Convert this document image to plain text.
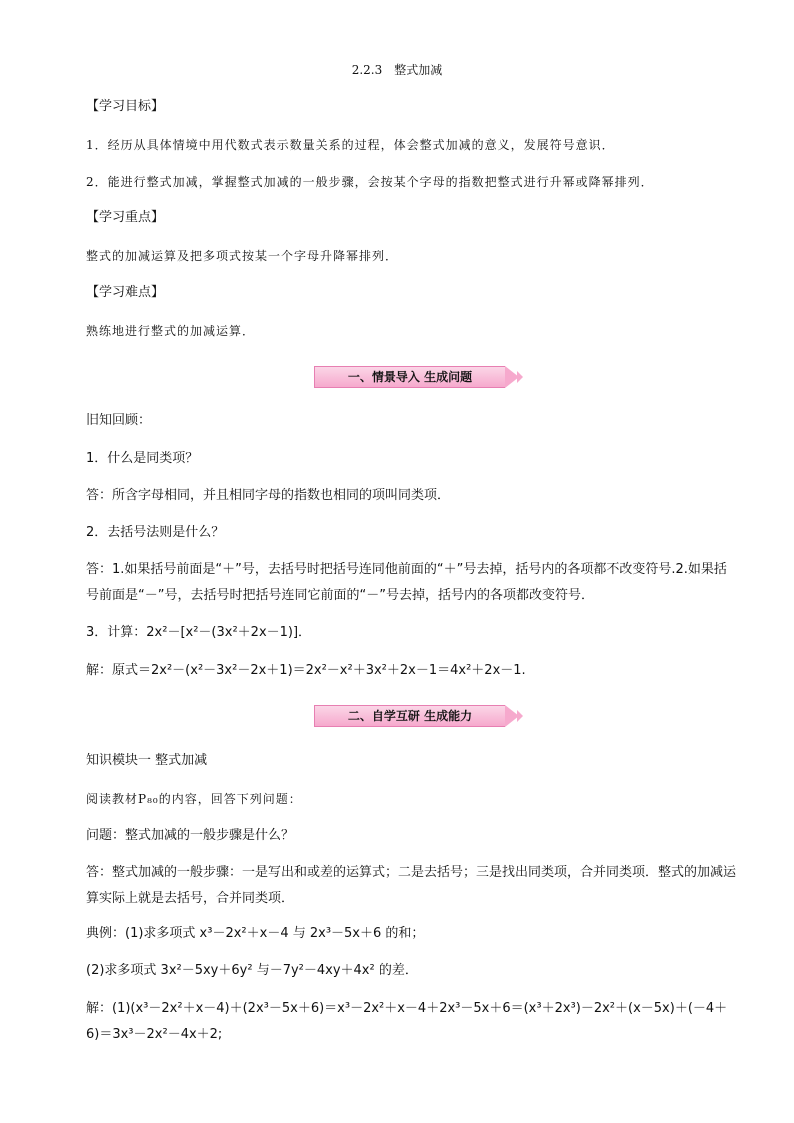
2.2.3 整式加减
【学习目标】
1．经历从具体情境中用代数式表示数量关系的过程，体会整式加减的意义，发展符号意识．
2．能进行整式加减，掌握整式加减的一般步骤，会按某个字母的指数把整式进行升幂或降幂排列．
【学习重点】
整式的加减运算及把多项式按某一个字母升降幂排列．
【学习难点】
熟练地进行整式的加减运算．
一、情景导入 生成问题
旧知回顾：
1．什么是同类项？
答：所含字母相同，并且相同字母的指数也相同的项叫同类项．
2．去括号法则是什么？
答：1.如果括号前面是“＋”号，去括号时把括号连同他前面的“＋”号去掉，括号内的各项都不改变符号.2.如果括号前面是“－”号，去括号时把括号连同它前面的“－”号去掉，括号内的各项都改变符号．
3．计算：2x²－[x²－(3x²＋2x－1)]．
解：原式＝2x²－(x²－3x²－2x＋1)＝2x²－x²＋3x²＋2x－1＝4x²＋2x－1.
二、自学互研 生成能力
知识模块一 整式加减
阅读教材P₈₀的内容，回答下列问题：
问题：整式加减的一般步骤是什么？
答：整式加减的一般步骤：一是写出和或差的运算式；二是去括号；三是找出同类项，合并同类项．整式的加减运算实际上就是去括号，合并同类项．
典例：(1)求多项式 x³－2x²＋x－4 与 2x³－5x＋6 的和；
(2)求多项式 3x²－5xy＋6y² 与－7y²－4xy＋4x² 的差．
解：(1)(x³－2x²＋x－4)＋(2x³－5x＋6)＝x³－2x²＋x－4＋2x³－5x＋6＝(x³＋2x³)－2x²＋(x－5x)＋(－4＋6)＝3x³－2x²－4x＋2;
